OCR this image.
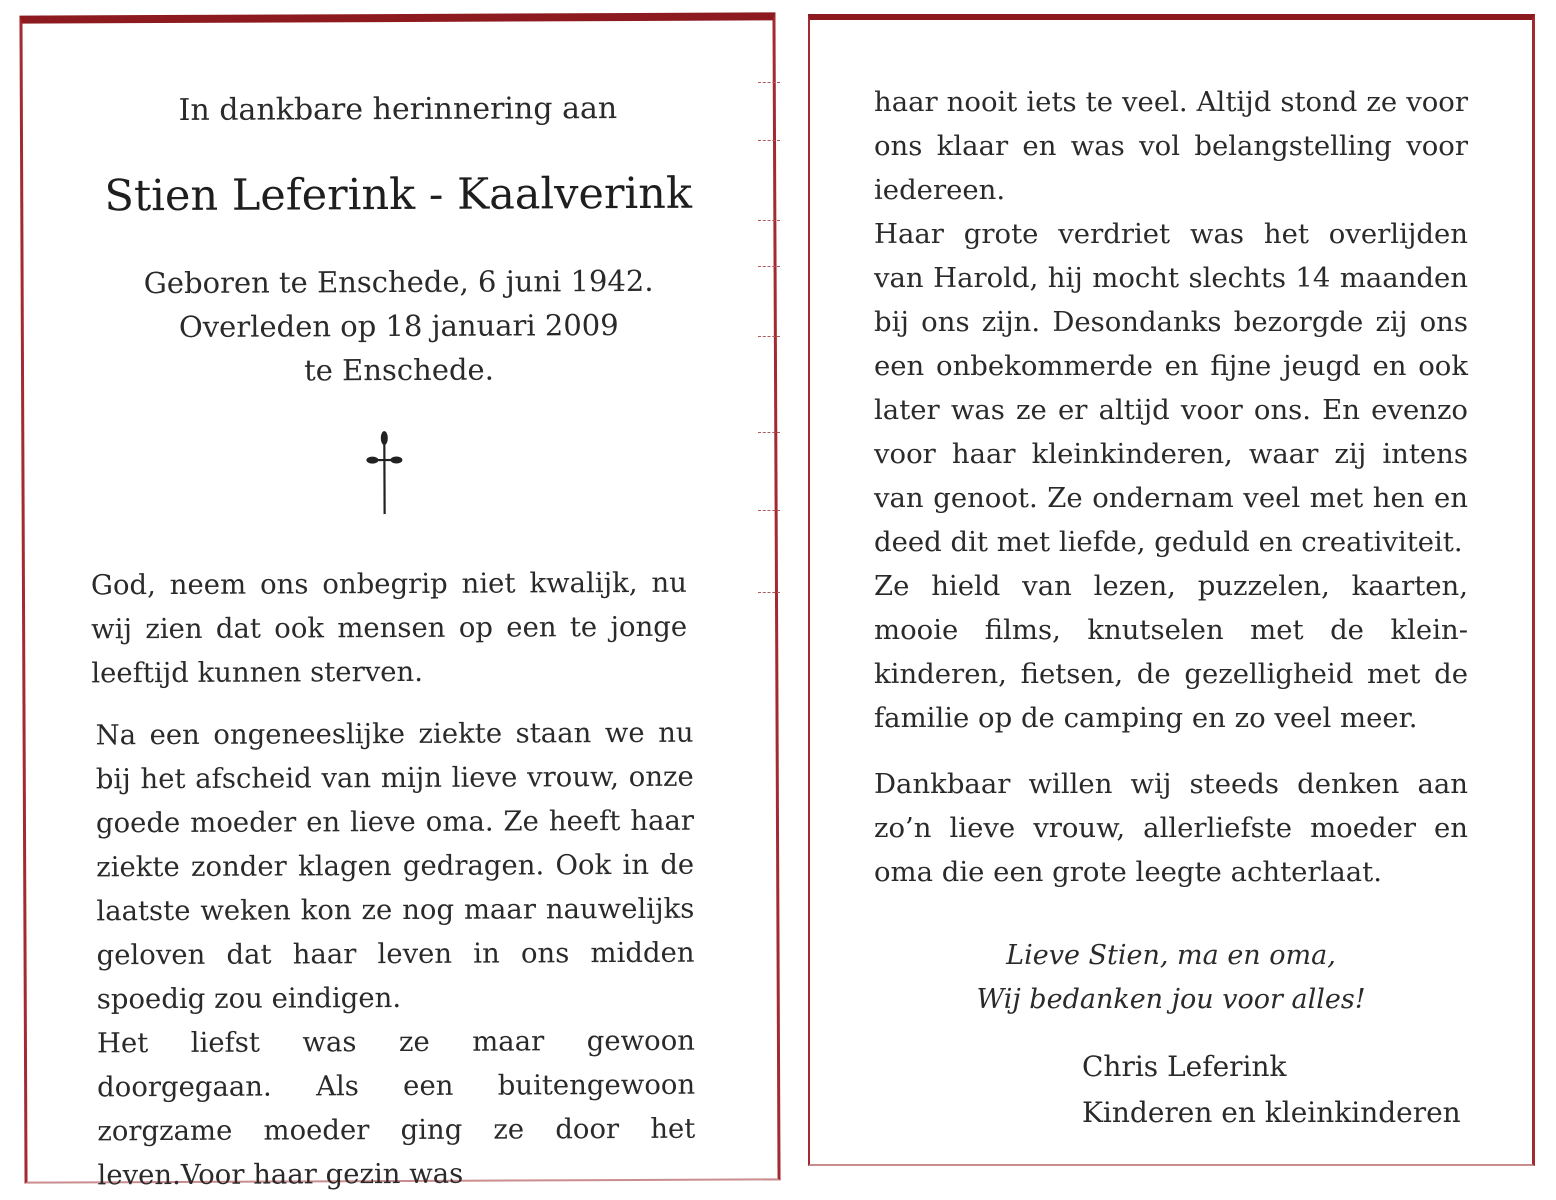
In dankbare herinnering aan
Stien Leferink - Kaalverink
Geboren te Enschede, 6 juni 1942.
Overleden op 18 januari 2009
te Enschede.

God, neem ons onbegrip niet kwalijk, nu wij zien dat ook mensen op een te jonge leeftijd kunnen sterven.

Na een ongeneeslijke ziekte staan we nu bij het afscheid van mijn lieve vrouw, onze goede moeder en lieve oma. Ze heeft haar ziekte zonder klagen gedragen. Ook in de laatste weken kon ze nog maar nauwelijks geloven dat haar leven in ons midden spoedig zou eindigen.
Het liefst was ze maar gewoon doorgegaan. Als een buitengewoon zorgzame moeder ging ze door het leven.Voor haar gezin was
haar nooit iets te veel. Altijd stond ze voor ons klaar en was vol belangstelling voor iedereen.
Haar grote verdriet was het overlijden van Harold, hij mocht slechts 14 maanden bij ons zijn. Desondanks bezorgde zij ons een onbekommerde en fijne jeugd en ook later was ze er altijd voor ons. En evenzo voor haar kleinkinderen, waar zij intens van genoot. Ze ondernam veel met hen en deed dit met liefde, geduld en creativiteit.
Ze hield van lezen, puzzelen, kaarten, mooie films, knutselen met de klein-kinderen, fietsen, de gezelligheid met de familie op de camping en zo veel meer.

Dankbaar willen wij steeds denken aan zo’n lieve vrouw, allerliefste moeder en oma die een grote leegte achterlaat.

Lieve Stien, ma en oma,
Wij bedanken jou voor alles!
Chris Leferink
Kinderen en kleinkinderen
